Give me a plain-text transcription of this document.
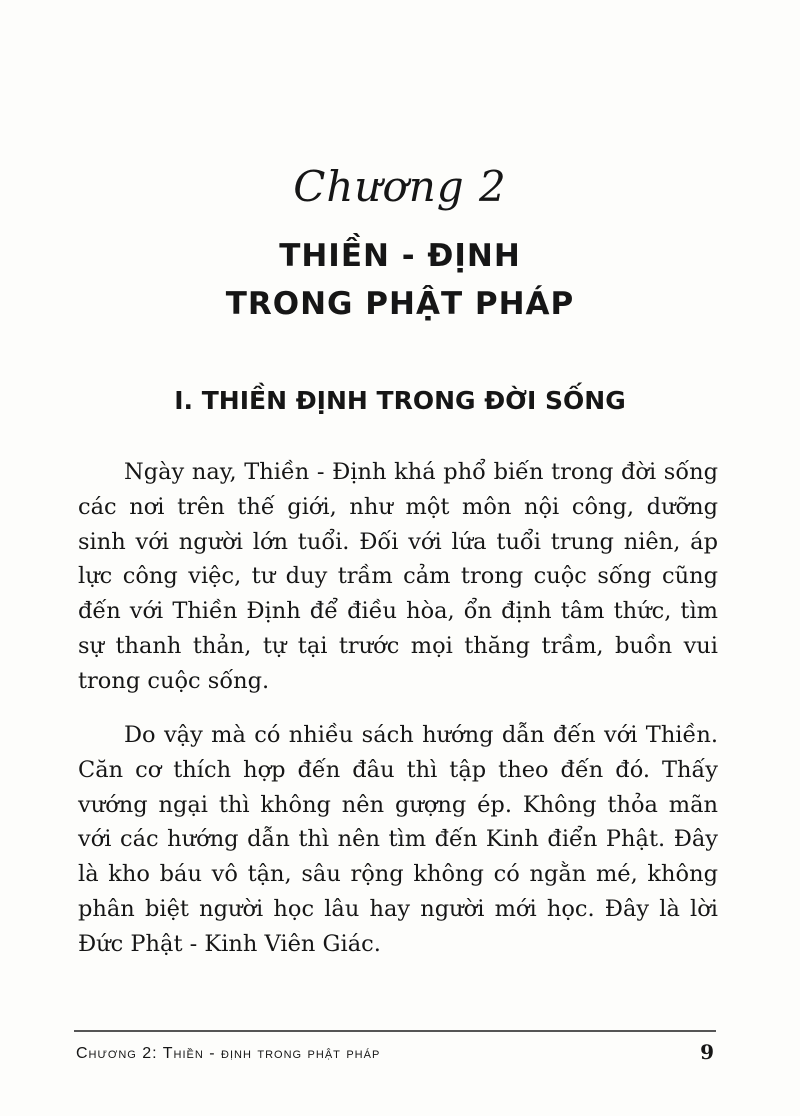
Chương 2
THIỀN - ĐỊNH
TRONG PHẬT PHÁP
I. THIỀN ĐỊNH TRONG ĐỜI SỐNG

Ngày nay, Thiền - Định khá phổ biến trong đời sống các nơi trên thế giới, như một môn nội công, dưỡng sinh với người lớn tuổi. Đối với lứa tuổi trung niên, áp lực công việc, tư duy trầm cảm trong cuộc sống cũng đến với Thiền Định để điều hòa, ổn định tâm thức, tìm sự thanh thản, tự tại trước mọi thăng trầm, buồn vui trong cuộc sống.

Do vậy mà có nhiều sách hướng dẫn đến với Thiền. Căn cơ thích hợp đến đâu thì tập theo đến đó. Thấy vướng ngại thì không nên gượng ép. Không thỏa mãn với các hướng dẫn thì nên tìm đến Kinh điển Phật. Đây là kho báu vô tận, sâu rộng không có ngằn mé, không phân biệt người học lâu hay người mới học. Đây là lời Đức Phật - Kinh Viên Giác.

Chương 2: Thiền - định trong phật pháp	9
